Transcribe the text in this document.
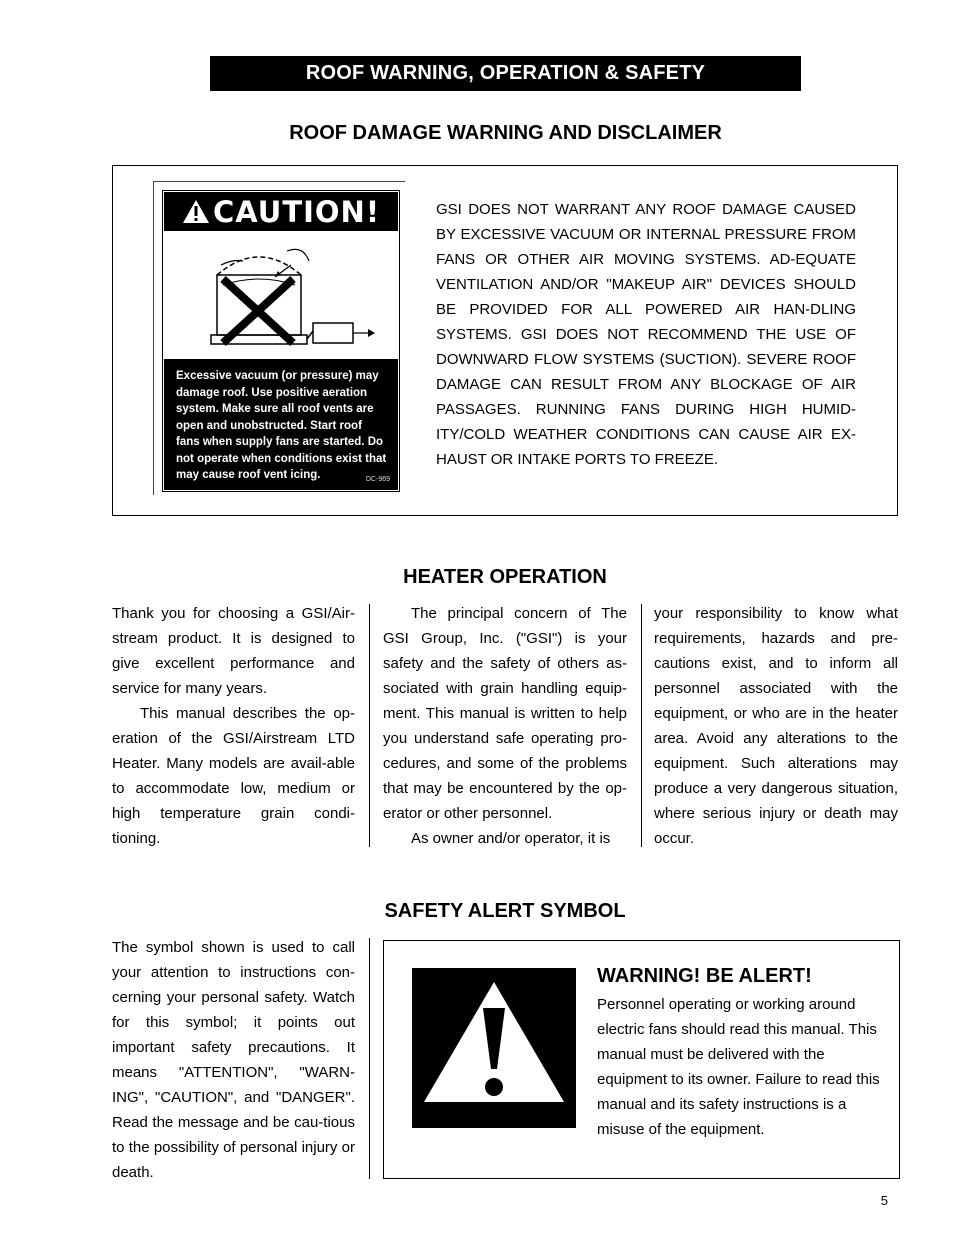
ROOF WARNING, OPERATION & SAFETY
ROOF DAMAGE WARNING AND DISCLAIMER
CAUTION!
Excessive vacuum (or pressure) may damage roof. Use positive aeration system. Make sure all roof vents are open and unobstructed. Start roof fans when supply fans are started. Do not operate when conditions exist that may cause roof vent icing.	DC-969
GSI DOES NOT WARRANT ANY ROOF DAMAGE CAUSED BY EXCESSIVE VACUUM OR INTERNAL PRESSURE FROM FANS OR OTHER AIR MOVING SYSTEMS. AD-EQUATE VENTILATION AND/OR "MAKEUP AIR" DEVICES SHOULD BE PROVIDED FOR ALL POWERED AIR HAN-DLING SYSTEMS. GSI DOES NOT RECOMMEND THE USE OF DOWNWARD FLOW SYSTEMS (SUCTION). SEVERE ROOF DAMAGE CAN RESULT FROM ANY BLOCKAGE OF AIR PASSAGES. RUNNING FANS DURING HIGH HUMID-ITY/COLD WEATHER CONDITIONS CAN CAUSE AIR EX-HAUST OR INTAKE PORTS TO FREEZE.
HEATER OPERATION

Thank you for choosing a GSI/Air-stream product. It is designed to give excellent performance and service for many years.

This manual describes the op-eration of the GSI/Airstream LTD Heater. Many models are avail-able to accommodate low, medium or high temperature grain condi-tioning.

The principal concern of The GSI Group, Inc. ("GSI") is your safety and the safety of others as-sociated with grain handling equip-ment. This manual is written to help you understand safe operating pro-cedures, and some of the problems that may be encountered by the op-erator or other personnel.

As owner and/or operator, it is

your responsibility to know what requirements, hazards and pre-cautions exist, and to inform all personnel associated with the equipment, or who are in the heater area. Avoid any alterations to the equipment. Such alterations may produce a very dangerous situation, where serious injury or death may occur.

SAFETY ALERT SYMBOL

The symbol shown is used to call your attention to instructions con-cerning your personal safety. Watch for this symbol; it points out important safety precautions. It means "ATTENTION", "WARN-ING", "CAUTION", and "DANGER". Read the message and be cau-tious to the possibility of personal injury or death.

WARNING! BE ALERT!
Personnel operating or working around electric fans should read this manual. This manual must be delivered with the equipment to its owner. Failure to read this manual and its safety instructions is a misuse of the equipment.
5
